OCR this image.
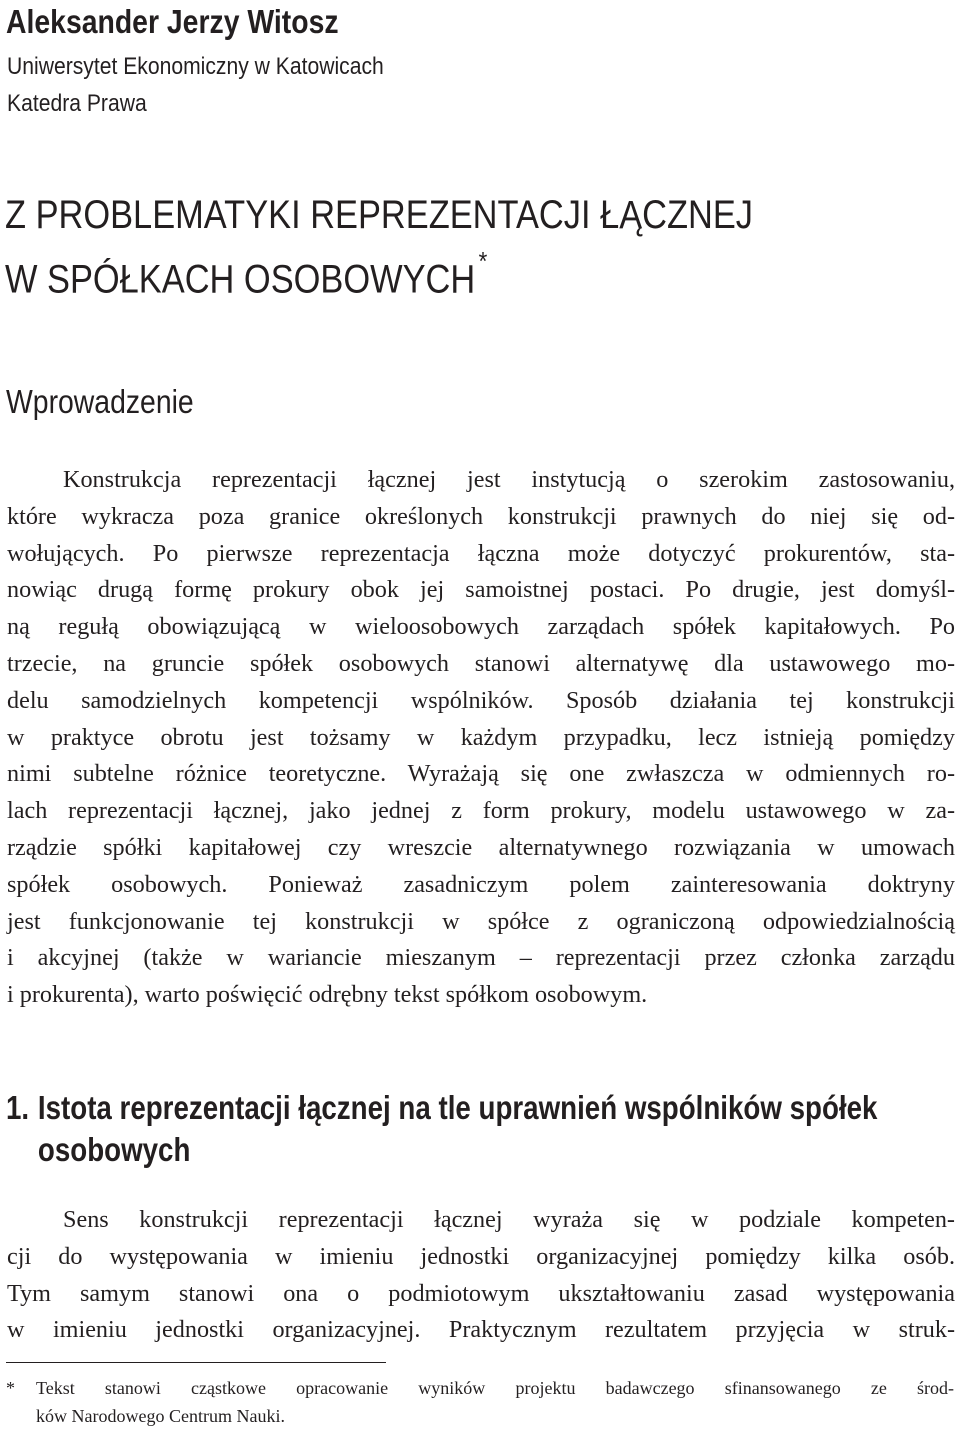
Aleksander Jerzy Witosz
Uniwersytet Ekonomiczny w Katowicach
Katedra Prawa
Z PROBLEMATYKI REPREZENTACJI ŁĄCZNEJ
W SPÓŁKACH OSOBOWYCH *
Wprowadzenie
Konstrukcja reprezentacji łącznej jest instytucją o szerokim zastosowaniu,
które wykracza poza granice określonych konstrukcji prawnych do niej się od-
wołujących. Po pierwsze reprezentacja łączna może dotyczyć prokurentów, sta-
nowiąc drugą formę prokury obok jej samoistnej postaci. Po drugie, jest domyśl-
ną regułą obowiązującą w wieloosobowych zarządach spółek kapitałowych. Po
trzecie, na gruncie spółek osobowych stanowi alternatywę dla ustawowego mo-
delu samodzielnych kompetencji wspólników. Sposób działania tej konstrukcji
w praktyce obrotu jest tożsamy w każdym przypadku, lecz istnieją pomiędzy
nimi subtelne różnice teoretyczne. Wyrażają się one zwłaszcza w odmiennych ro-
lach reprezentacji łącznej, jako jednej z form prokury, modelu ustawowego w za-
rządzie spółki kapitałowej czy wreszcie alternatywnego rozwiązania w umowach
spółek osobowych. Ponieważ zasadniczym polem zainteresowania doktryny
jest funkcjonowanie tej konstrukcji w spółce z ograniczoną odpowiedzialnością
i akcyjnej (także w wariancie mieszanym – reprezentacji przez członka zarządu
i prokurenta), warto poświęcić odrębny tekst spółkom osobowym.
1. Istota reprezentacji łącznej na tle uprawnień wspólników spółek
osobowych
Sens konstrukcji reprezentacji łącznej wyraża się w podziale kompeten-
cji do występowania w imieniu jednostki organizacyjnej pomiędzy kilka osób.
Tym samym stanowi ona o podmiotowym ukształtowaniu zasad występowania
w imieniu jednostki organizacyjnej. Praktycznym rezultatem przyjęcia w struk-
*	Tekst stanowi cząstkowe opracowanie wyników projektu badawczego sfinansowanego ze środ-
ków Narodowego Centrum Nauki.
